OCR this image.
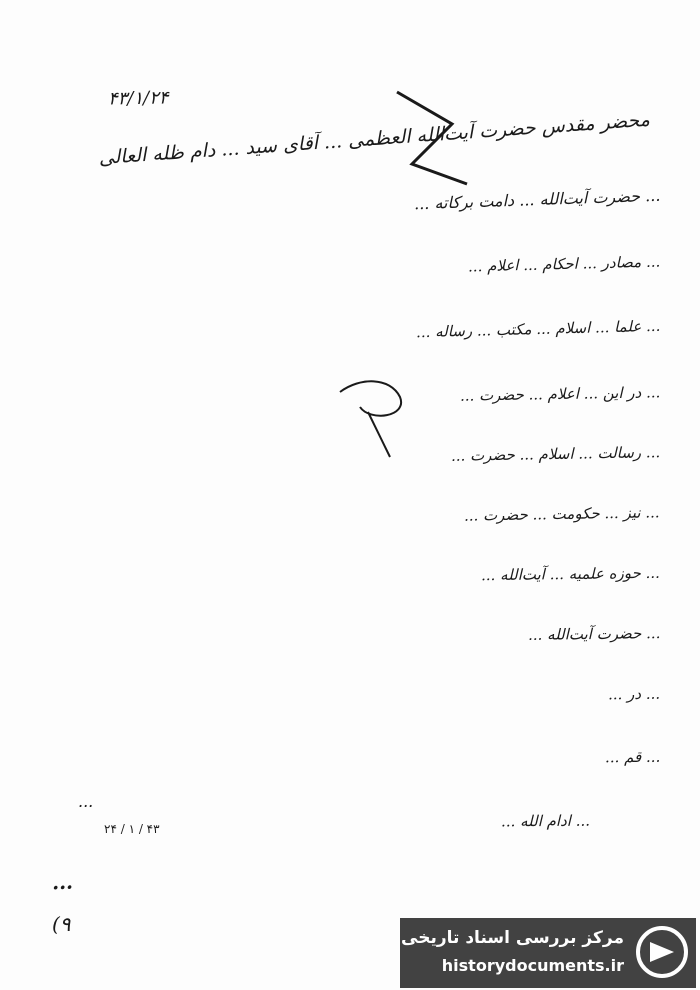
۴۳/۱/۲۴
محضر مقدس حضرت آیت‌الله العظمی ... آقای سید ... دام ظله العالی
... حضرت آیت‌الله ... دامت برکاته ...
... مصادر ... احکام ... اعلام ...
... علما ... اسلام ... مکتب ... رساله ...
... در این ... اعلام ... حضرت ...
... رسالت ... اسلام ... حضرت ...
... نیز ... حکومت ... حضرت ...
... حوزه علمیه ... آیت‌الله ...
... حضرت آیت‌الله ...
... در ...
... قم ...
... ادام الله ...
...
۲۴ / ۱ / ۴۳
...
(۹
مرکز بررسی اسناد تاریخی
historydocuments.ir
